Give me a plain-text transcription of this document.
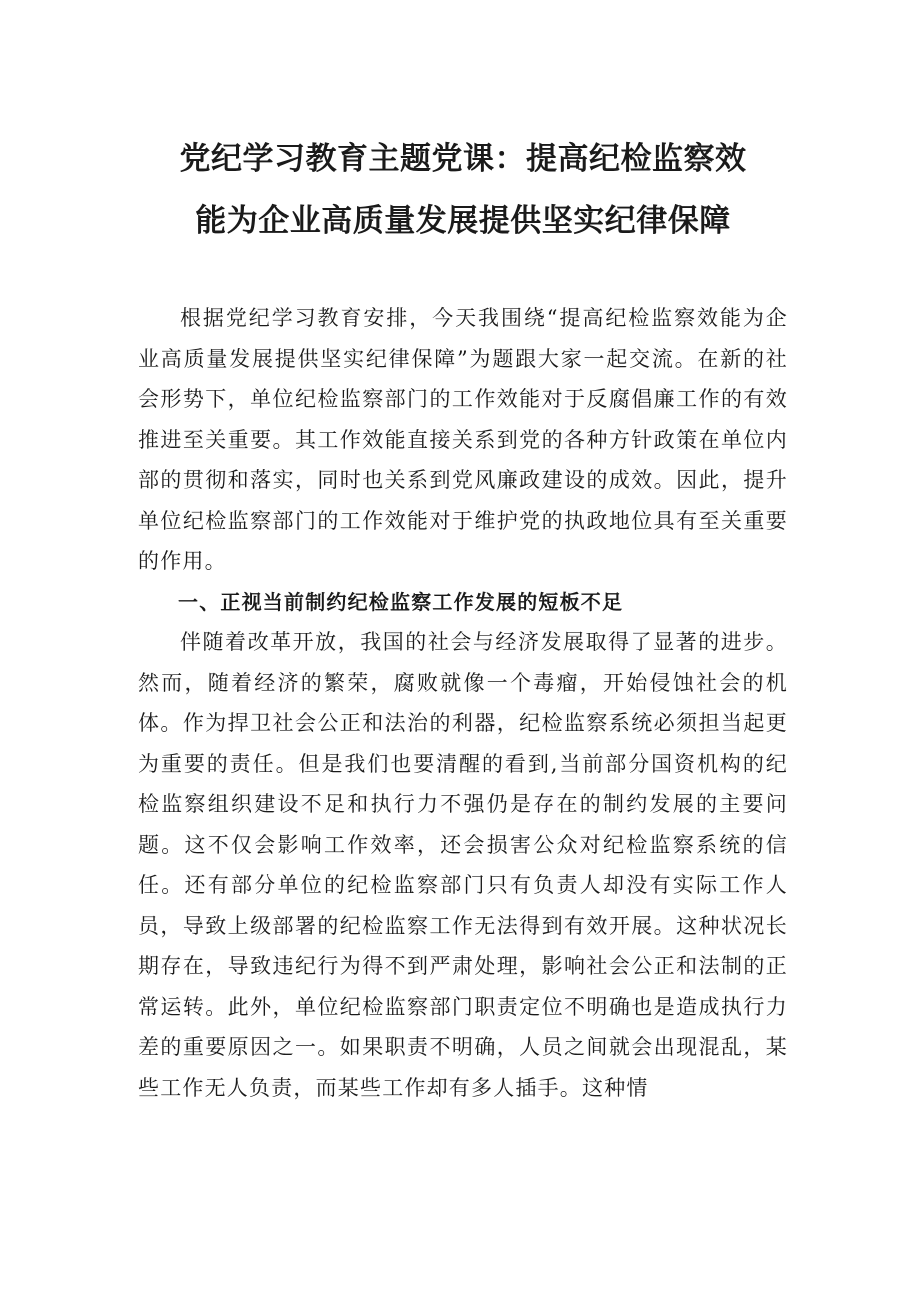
党纪学习教育主题党课：提高纪检监察效
能为企业高质量发展提供坚实纪律保障

根据党纪学习教育安排，今天我围绕“提高纪检监察效能为企业高质量发展提供坚实纪律保障”为题跟大家一起交流。在新的社会形势下，单位纪检监察部门的工作效能对于反腐倡廉工作的有效推进至关重要。其工作效能直接关系到党的各种方针政策在单位内部的贯彻和落实，同时也关系到党风廉政建设的成效。因此，提升单位纪检监察部门的工作效能对于维护党的执政地位具有至关重要的作用。

一、正视当前制约纪检监察工作发展的短板不足

伴随着改革开放，我国的社会与经济发展取得了显著的进步。然而，随着经济的繁荣，腐败就像一个毒瘤，开始侵蚀社会的机体。作为捍卫社会公正和法治的利器，纪检监察系统必须担当起更为重要的责任。但是我们也要清醒的看到,当前部分国资机构的纪检监察组织建设不足和执行力不强仍是存在的制约发展的主要问题。这不仅会影响工作效率，还会损害公众对纪检监察系统的信任。还有部分单位的纪检监察部门只有负责人却没有实际工作人员，导致上级部署的纪检监察工作无法得到有效开展。这种状况长期存在，导致违纪行为得不到严肃处理，影响社会公正和法制的正常运转。此外，单位纪检监察部门职责定位不明确也是造成执行力差的重要原因之一。如果职责不明确，人员之间就会出现混乱，某些工作无人负责，而某些工作却有多人插手。这种情
